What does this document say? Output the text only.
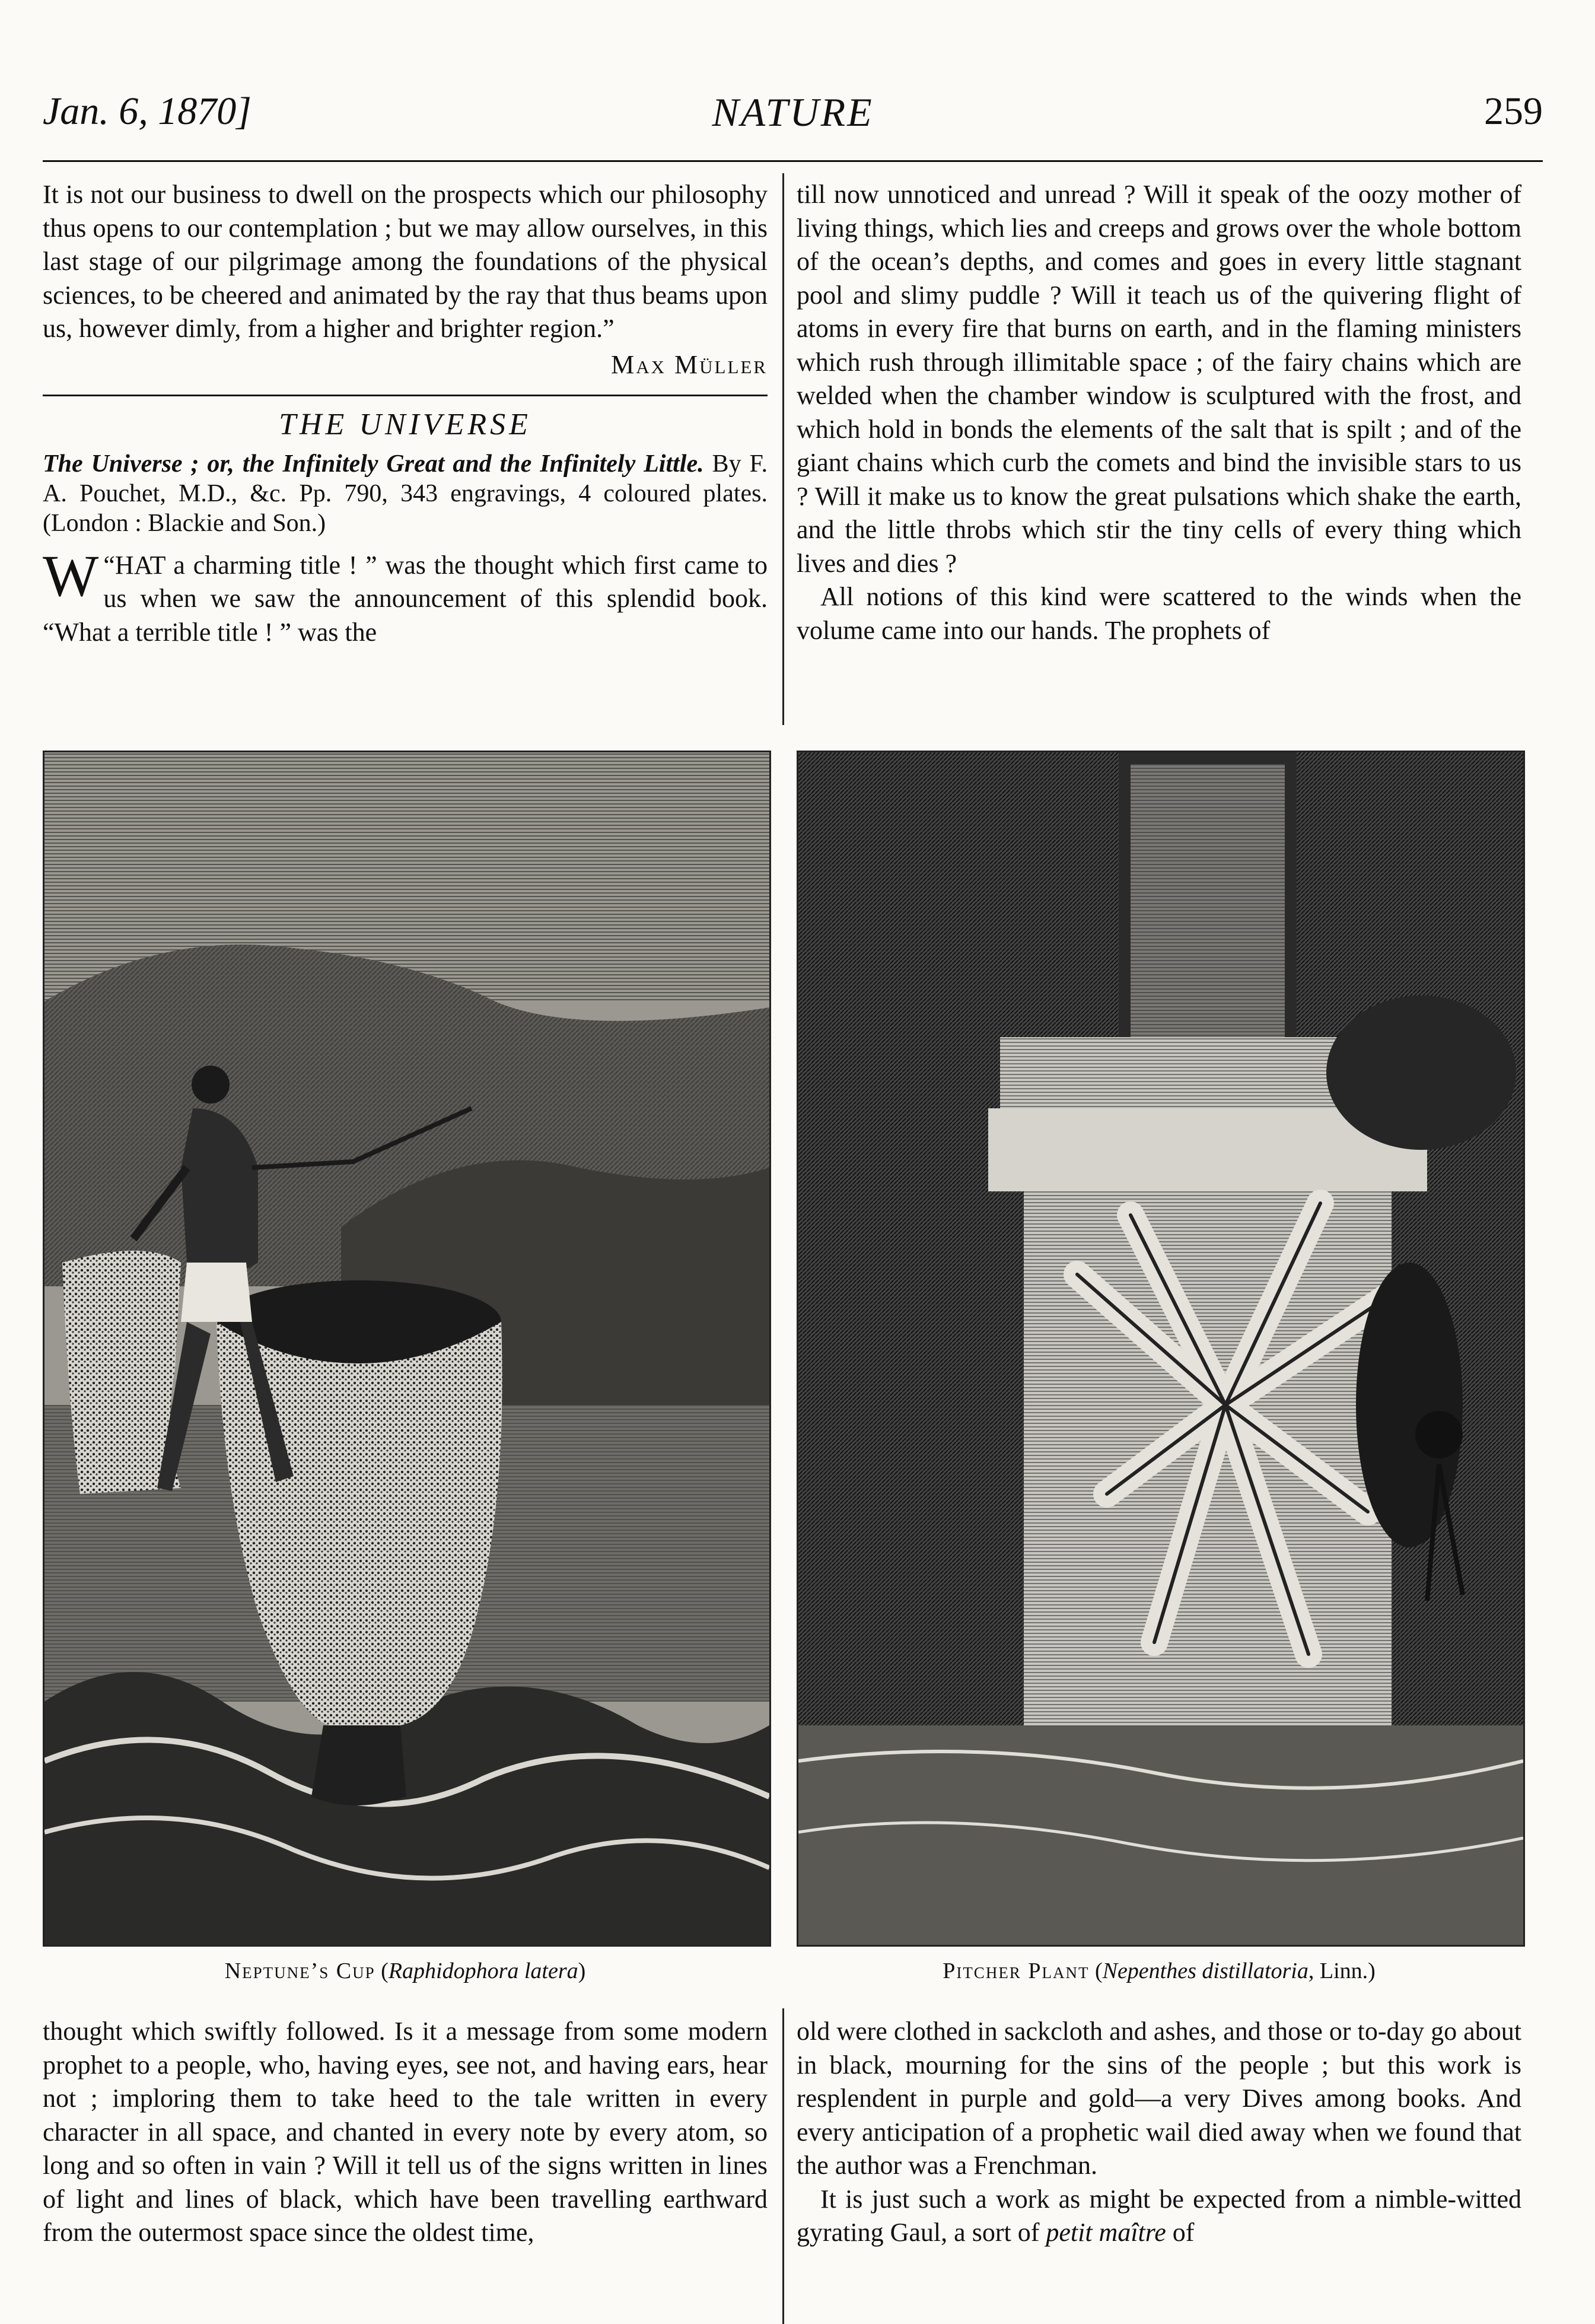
Jan. 6, 1870]	NATURE	259

It is not our business to dwell on the prospects which our philosophy thus opens to our contemplation ; but we may allow ourselves, in this last stage of our pilgrimage among the foundations of the physical sciences, to be cheered and animated by the ray that thus beams upon us, however dimly, from a higher and brighter region.”

Max Müller
THE UNIVERSE

The Universe ; or, the Infinitely Great and the Infinitely Little. By F. A. Pouchet, M.D., &c. Pp. 790, 343 engravings, 4 coloured plates. (London : Blackie and Son.)

“
W HAT a charming title ! ” was the thought which first came to us when we saw the announcement of this splendid book. “What a terrible title ! ” was the

till now unnoticed and unread ? Will it speak of the oozy mother of living things, which lies and creeps and grows over the whole bottom of the ocean’s depths, and comes and goes in every little stagnant pool and slimy puddle ? Will it teach us of the quivering flight of atoms in every fire that burns on earth, and in the flaming ministers which rush through illimitable space ; of the fairy chains which are welded when the chamber window is sculptured with the frost, and which hold in bonds the elements of the salt that is spilt ; and of the giant chains which curb the comets and bind the invisible stars to us ? Will it make us to know the great pulsations which shake the earth, and the little throbs which stir the tiny cells of every thing which lives and dies ?

All notions of this kind were scattered to the winds when the volume came into our hands. The prophets of

Neptune’s Cup (Raphidophora latera)	Pitcher Plant (Nepenthes distillatoria, Linn.)

thought which swiftly followed. Is it a message from some modern prophet to a people, who, having eyes, see not, and having ears, hear not ; imploring them to take heed to the tale written in every character in all space, and chanted in every note by every atom, so long and so often in vain ? Will it tell us of the signs written in lines of light and lines of black, which have been travelling earthward from the outermost space since the oldest time,

old were clothed in sackcloth and ashes, and those or to-day go about in black, mourning for the sins of the people ; but this work is resplendent in purple and gold—a very Dives among books. And every anticipation of a prophetic wail died away when we found that the author was a Frenchman.

It is just such a work as might be expected from a nimble-witted gyrating Gaul, a sort of petit maître of
